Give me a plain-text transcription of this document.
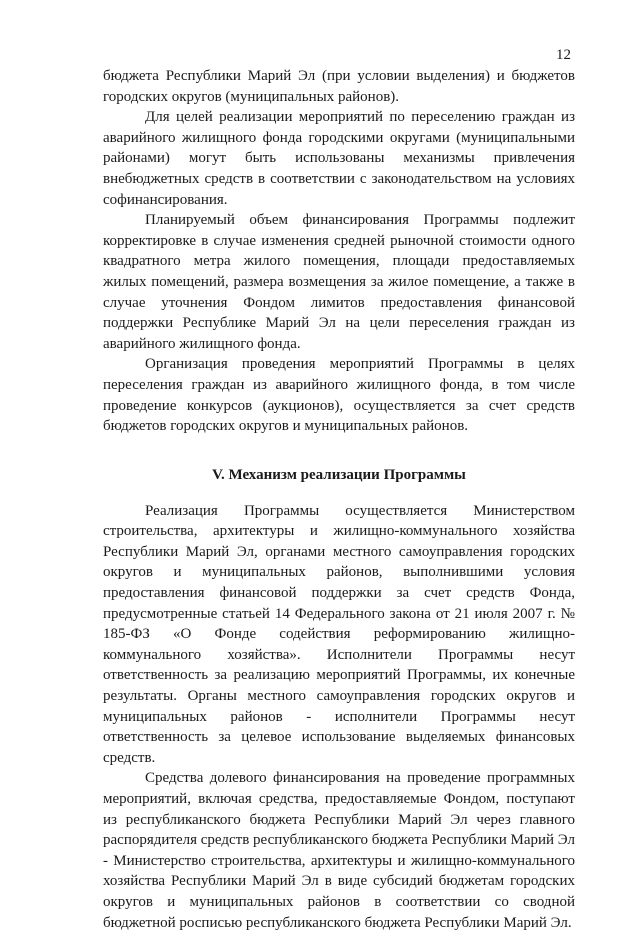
12

бюджета Республики Марий Эл (при условии выделения) и бюджетов городских округов (муниципальных районов).

Для целей реализации мероприятий по переселению граждан из аварийного жилищного фонда городскими округами (муниципальными районами) могут быть использованы механизмы привлечения внебюджетных средств в соответствии с законодательством на условиях софинансирования.

Планируемый объем финансирования Программы подлежит корректировке в случае изменения средней рыночной стоимости одного квадратного метра жилого помещения, площади предоставляемых жилых помещений, размера возмещения за жилое помещение, а также в случае уточнения Фондом лимитов предоставления финансовой поддержки Республике Марий Эл на цели переселения граждан из аварийного жилищного фонда.

Организация проведения мероприятий Программы в целях переселения граждан из аварийного жилищного фонда, в том числе проведение конкурсов (аукционов), осуществляется за счет средств бюджетов городских округов и муниципальных районов.

V. Механизм реализации Программы

Реализация Программы осуществляется Министерством строительства, архитектуры и жилищно-коммунального хозяйства Республики Марий Эл, органами местного самоуправления городских округов и муниципальных районов, выполнившими условия предоставления финансовой поддержки за счет средств Фонда, предусмотренные статьей 14 Федерального закона от 21 июля 2007 г. № 185-ФЗ «О Фонде содействия реформированию жилищно-коммунального хозяйства». Исполнители Программы несут ответственность за реализацию мероприятий Программы, их конечные результаты. Органы местного самоуправления городских округов и муниципальных районов - исполнители Программы несут ответственность за целевое использование выделяемых финансовых средств.

Средства долевого финансирования на проведение программных мероприятий, включая средства, предоставляемые Фондом, поступают из республиканского бюджета Республики Марий Эл через главного распорядителя средств республиканского бюджета Республики Марий Эл - Министерство строительства, архитектуры и жилищно-коммунального хозяйства Республики Марий Эл в виде субсидий бюджетам городских округов и муниципальных районов в соответствии со сводной бюджетной росписью республиканского бюджета Республики Марий Эл.
